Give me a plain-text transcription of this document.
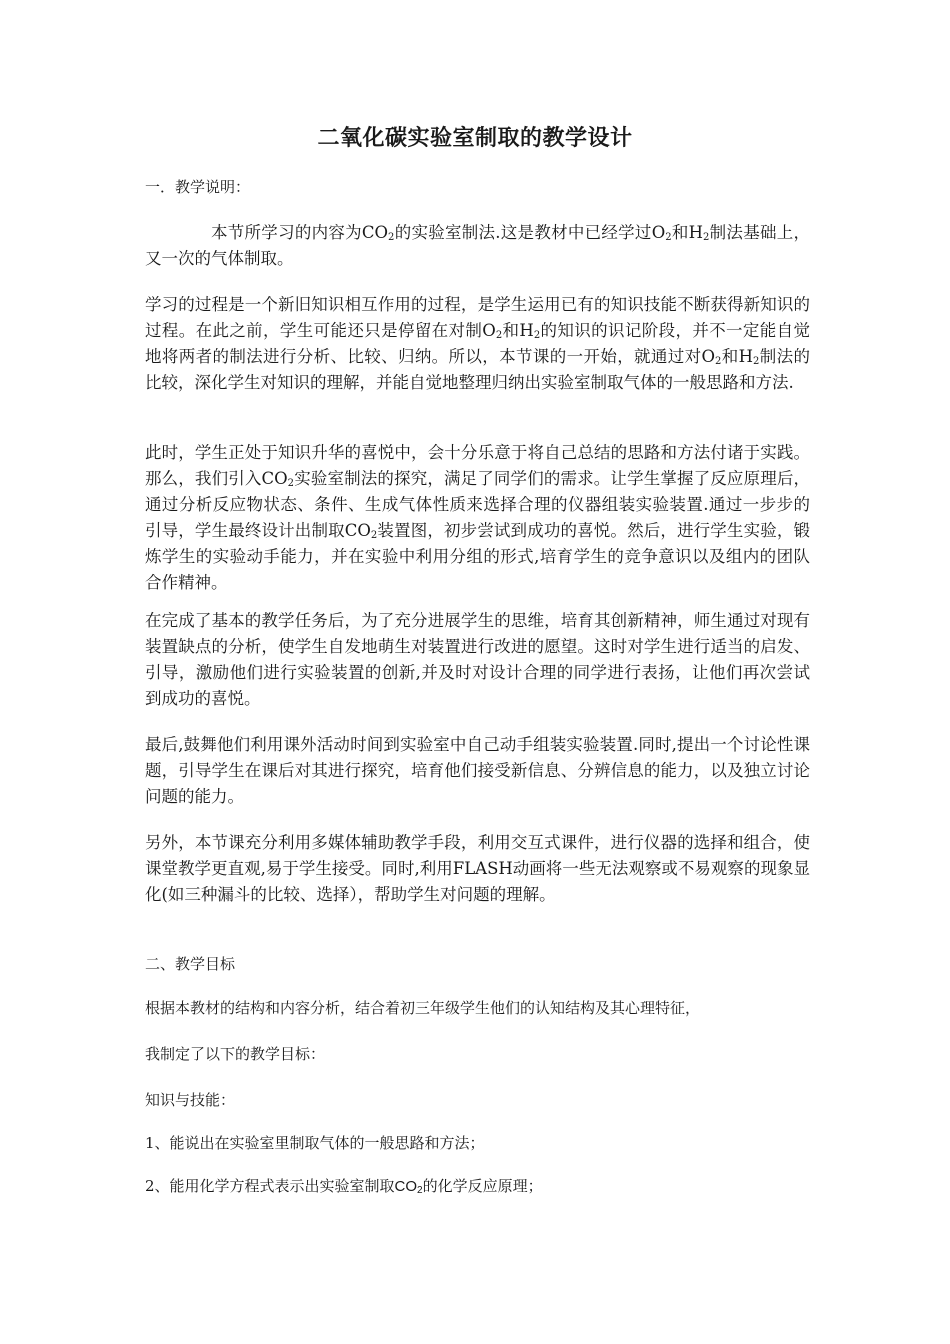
二氧化碳实验室制取的教学设计
一．教学说明：
本节所学习的内容为$CO_2$的实验室制法.这是教材中已经学过$O_2$和$H_2$制法基础上，又一次的气体制取。
学习的过程是一个新旧知识相互作用的过程，是学生运用已有的知识技能不断获得新知识的过程。在此之前，学生可能还只是停留在对制$O_2$和$H_2$的知识的识记阶段，并不一定能自觉地将两者的制法进行分析、比较、归纳。所以，本节课的一开始，就通过对$O_2$和$H_2$制法的比较，深化学生对知识的理解，并能自觉地整理归纳出实验室制取气体的一般思路和方法.
此时，学生正处于知识升华的喜悦中，会十分乐意于将自己总结的思路和方法付诸于实践。那么，我们引入$CO_2$实验室制法的探究，满足了同学们的需求。让学生掌握了反应原理后，通过分析反应物状态、条件、生成气体性质来选择合理的仪器组装实验装置.通过一步步的引导，学生最终设计出制取$CO_2$装置图，初步尝试到成功的喜悦。然后，进行学生实验，锻炼学生的实验动手能力，并在实验中利用分组的形式,培育学生的竞争意识以及组内的团队合作精神。
在完成了基本的教学任务后，为了充分进展学生的思维，培育其创新精神，师生通过对现有装置缺点的分析，使学生自发地萌生对装置进行改进的愿望。这时对学生进行适当的启发、引导，激励他们进行实验装置的创新,并及时对设计合理的同学进行表扬，让他们再次尝试到成功的喜悦。
最后,鼓舞他们利用课外活动时间到实验室中自己动手组装实验装置.同时,提出一个讨论性课题，引导学生在课后对其进行探究，培育他们接受新信息、分辨信息的能力，以及独立讨论问题的能力。
另外，本节课充分利用多媒体辅助教学手段，利用交互式课件，进行仪器的选择和组合，使课堂教学更直观,易于学生接受。同时,利用FLASH动画将一些无法观察或不易观察的现象显化(如三种漏斗的比较、选择），帮助学生对问题的理解。
二、教学目标
根据本教材的结构和内容分析，结合着初三年级学生他们的认知结构及其心理特征，
我制定了以下的教学目标：
知识与技能：
1、能说出在实验室里制取气体的一般思路和方法；
2、能用化学方程式表示出实验室制取$CO_2$的化学反应原理；
